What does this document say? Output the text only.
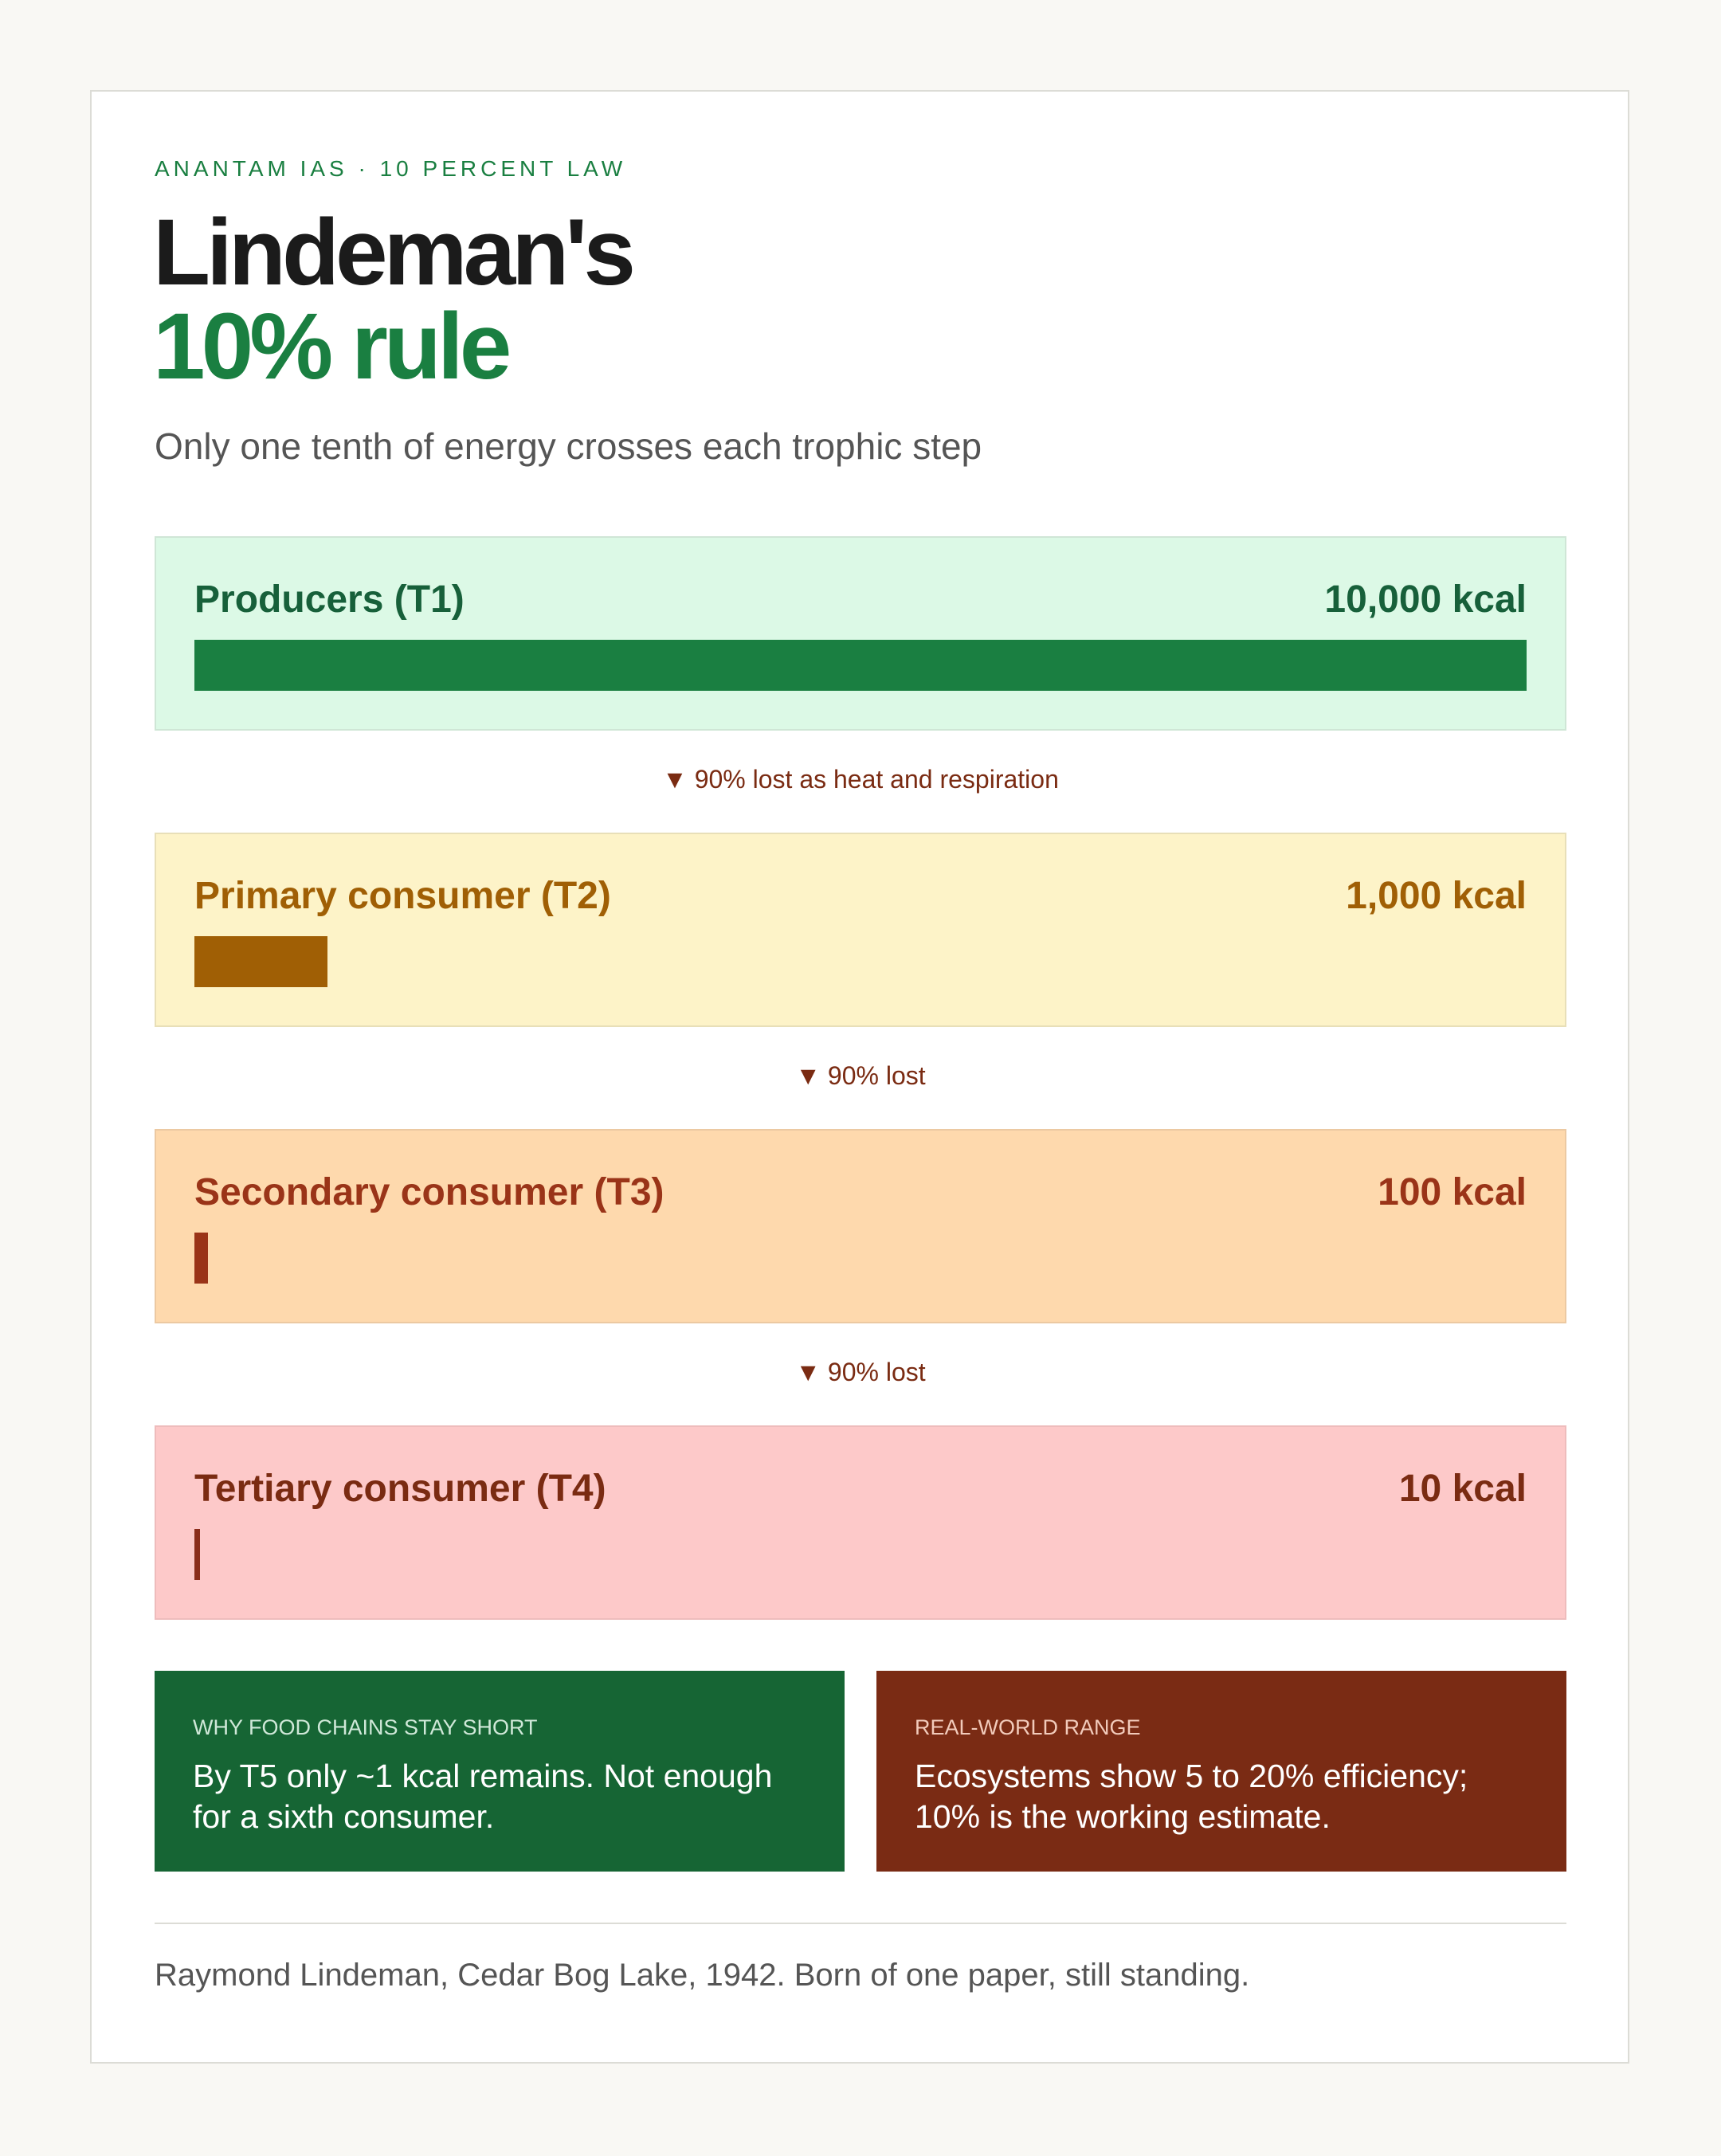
ANANTAM IAS · 10 PERCENT LAW
Lindeman's
10% rule
Only one tenth of energy crosses each trophic step
Producers (T1)	10,000 kcal
Primary consumer (T2)	1,000 kcal
Secondary consumer (T3)	100 kcal
Tertiary consumer (T4)	10 kcal
▼ 90% lost as heat and respiration
▼ 90% lost
▼ 90% lost
WHY FOOD CHAINS STAY SHORT
By T5 only ~1 kcal remains. Not enough for a sixth consumer.
REAL-WORLD RANGE
Ecosystems show 5 to 20% efficiency; 10% is the working estimate.
Raymond Lindeman, Cedar Bog Lake, 1942. Born of one paper, still standing.
